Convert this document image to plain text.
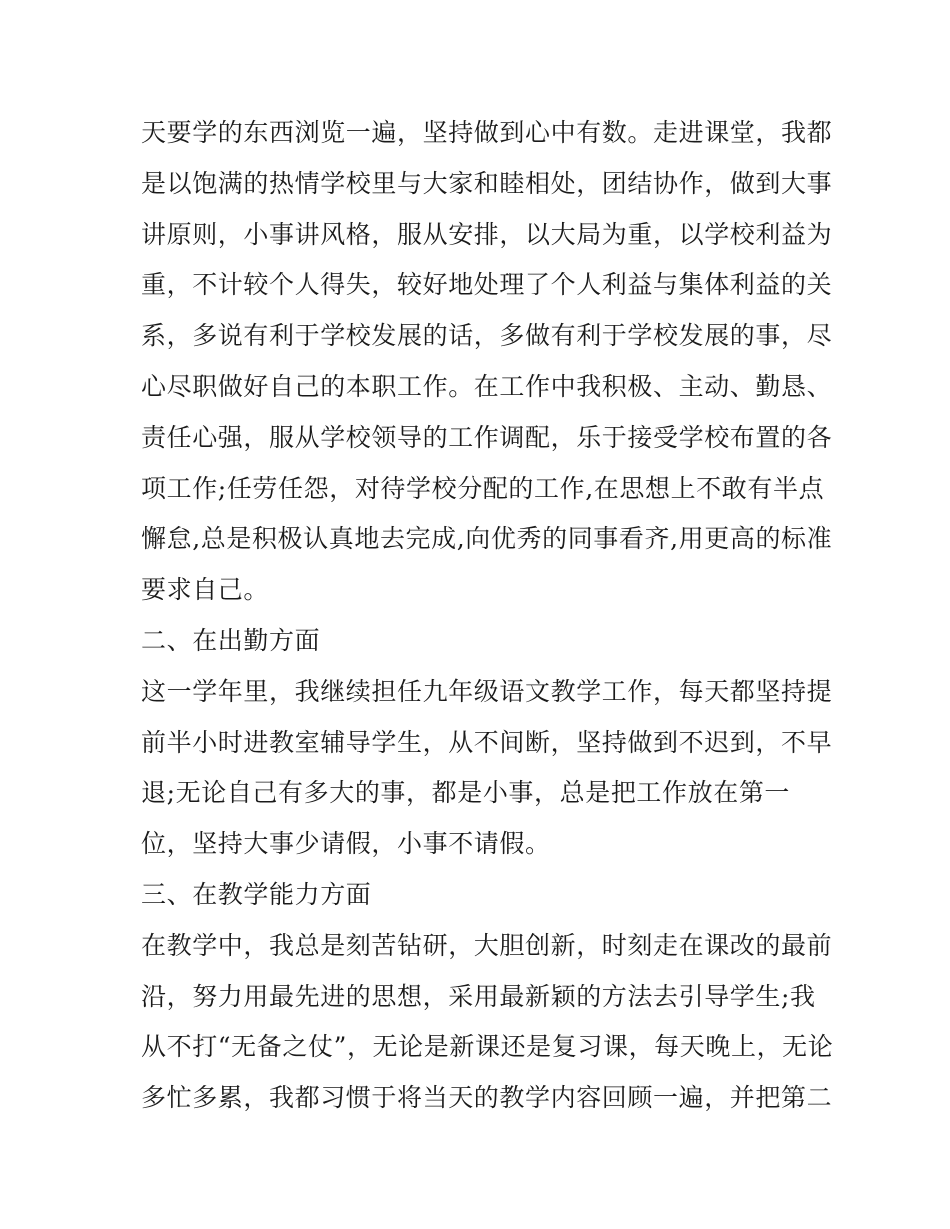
天要学的东西浏览一遍，坚持做到心中有数。走进课堂，我都
是以饱满的热情学校里与大家和睦相处，团结协作，做到大事
讲原则，小事讲风格，服从安排，以大局为重，以学校利益为
重，不计较个人得失，较好地处理了个人利益与集体利益的关
系，多说有利于学校发展的话，多做有利于学校发展的事，尽
心尽职做好自己的本职工作。在工作中我积极、主动、勤恳、
责任心强，服从学校领导的工作调配，乐于接受学校布置的各
项工作;任劳任怨，对待学校分配的工作,在思想上不敢有半点
懈怠,总是积极认真地去完成,向优秀的同事看齐,用更高的标准
要求自己。
二、在出勤方面
这一学年里，我继续担任九年级语文教学工作，每天都坚持提
前半小时进教室辅导学生，从不间断，坚持做到不迟到，不早
退;无论自己有多大的事，都是小事，总是把工作放在第一
位，坚持大事少请假，小事不请假。
三、在教学能力方面
在教学中，我总是刻苦钻研，大胆创新，时刻走在课改的最前
沿，努力用最先进的思想，采用最新颖的方法去引导学生;我
从不打“无备之仗”，无论是新课还是复习课，每天晚上，无论
多忙多累，我都习惯于将当天的教学内容回顾一遍，并把第二
